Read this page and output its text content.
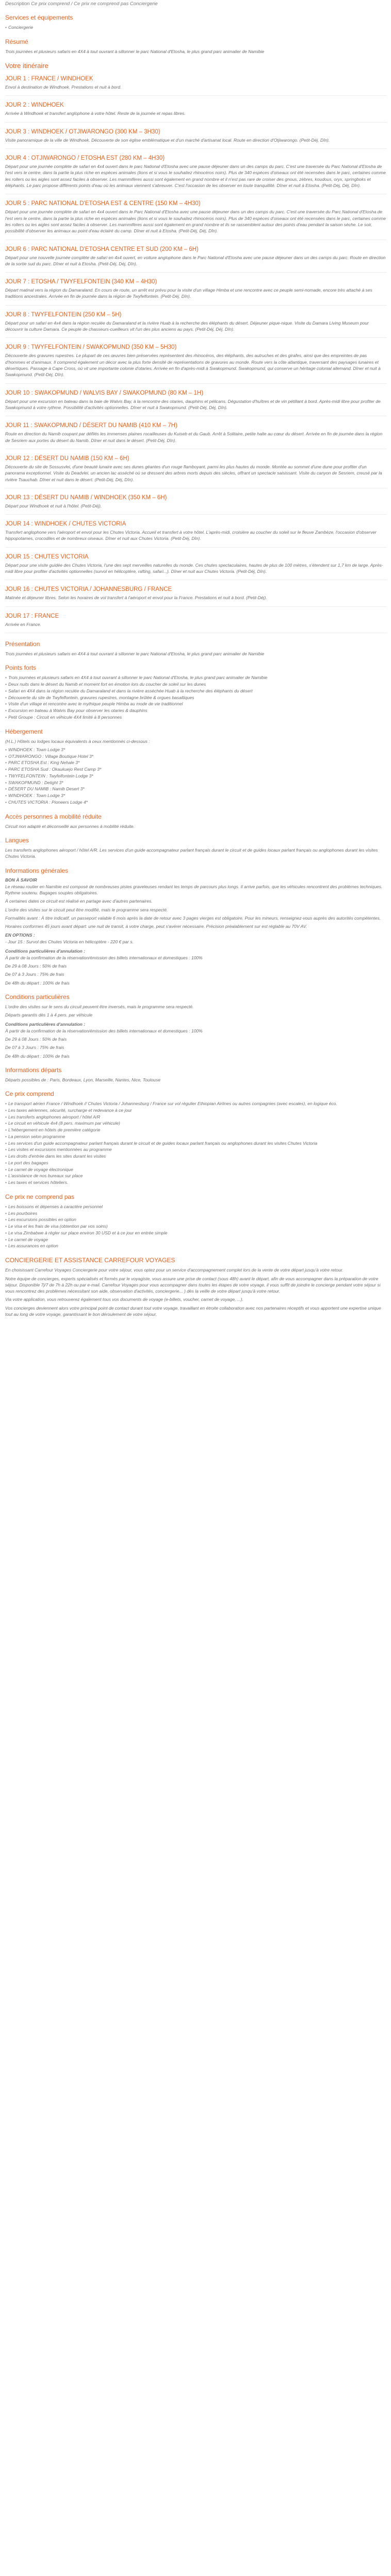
Description Ce prix comprend / Ce prix ne comprend pas Conciergerie

Services et équipements
• Conciergerie
Résumé

Trois journées et plusieurs safaris en 4X4 à tout ouvrant à sillonner le parc National d'Etosha, le plus grand parc animalier de Namibie

Votre itinéraire
JOUR 1 : FRANCE / WINDHOEK

Envol à destination de Windhoek. Prestations et nuit à bord.

JOUR 2 : WINDHOEK

Arrivée à Windhoek et transfert anglophone à votre hôtel. Reste de la journée et repas libres.

JOUR 3 : WINDHOEK / OTJIWARONGO (300 KM – 3H30)

Visite panoramique de la ville de Windhoek. Découverte de son église emblématique et d'un marché d'artisanat local. Route en direction d'Otjiwarongo. (Petit-Déj, Dîn).

JOUR 4 : OTJIWARONGO / ETOSHA EST (280 KM – 4H30)

Départ pour une journée complète de safari en 4x4 ouvert dans le parc National d'Etosha avec une pause déjeuner dans un des camps du parc. C'est une traversée du Parc National d'Etosha de l'est vers le centre, dans la partie la plus riche en espèces animales (lions et si vous le souhaitez rhinocéros noirs). Plus de 340 espèces d'oiseaux ont été recensées dans le parc, certaines comme les rollers ou les aigles sont assez faciles à observer. Les mammifères aussi sont également en grand nombre et il n'est pas rare de croiser des gnous, zèbres, koudous, oryx, springboks et éléphants. Le parc propose différents points d'eau où les animaux viennent s'abreuver. C'est l'occasion de les observer en toute tranquillité. Dîner et nuit à Etosha. (Petit-Déj, Déj, Dîn).

JOUR 5 : PARC NATIONAL D'ETOSHA EST & CENTRE (150 KM – 4H30)

Départ pour une journée complète de safari en 4x4 ouvert dans le Parc National d'Etosha avec une pause déjeuner dans un des camps du parc. C'est une traversée du Parc National d'Etosha de l'est vers le centre, dans la partie la plus riche en espèces animales (lions et si vous le souhaitez rhinocéros noirs). Plus de 340 espèces d'oiseaux ont été recensées dans le parc, certaines comme les rollers ou les aigles sont assez faciles à observer. Les mammifères aussi sont également en grand nombre et ils se rassemblent autour des points d'eau pendant la saison sèche. Le soir, possibilité d'observer les animaux au point d'eau éclairé du camp. Dîner et nuit à Etosha. (Petit-Déj, Déj, Dîn).

JOUR 6 : PARC NATIONAL D'ETOSHA CENTRE ET SUD (200 KM – 6H)

Départ pour une nouvelle journée complète de safari en 4x4 ouvert, en voiture anglophone dans le Parc National d'Etosha avec une pause déjeuner dans un des camps du parc. Route en direction de la sortie sud du parc. Dîner et nuit à Etosha. (Petit-Déj, Déj, Dîn).

JOUR 7 : ETOSHA / TWYFELFONTEIN (340 KM – 4H30)

Départ matinal vers la région du Damaraland. En cours de route, un arrêt est prévu pour la visite d'un village Himba et une rencontre avec ce peuple semi-nomade, encore très attaché à ses traditions ancestrales. Arrivée en fin de journée dans la région de Twyfelfontein. (Petit-Déj, Dîn).

JOUR 8 : TWYFELFONTEIN (250 KM – 5H)

Départ pour un safari en 4x4 dans la région reculée du Damaraland et la rivière Huab à la recherche des éléphants du désert. Déjeuner pique-nique. Visite du Damara Living Museum pour découvrir la culture Damara. Ce peuple de chasseurs-cueilleurs vit l'un des plus anciens au pays. (Petit-Déj, Déj, Dîn).

JOUR 9 : TWYFELFONTEIN / SWAKOPMUND (350 KM – 5H30)

Découverte des gravures rupestres. Le plupart de ces œuvres bien préservées représentent des rhinocéros, des éléphants, des autruches et des girafes, ainsi que des empreintes de pas d'hommes et d'animaux. Il comprend également un décor avec la plus forte densité de représentations de gravures au monde. Route vers la côte atlantique, traversant des paysages lunaires et désertiques. Passage à Cape Cross, où vit une importante colonie d'otaries. Arrivée en fin d'après-midi à Swakopmund. Swakopmund, qui conserve un héritage colonial allemand. Dîner et nuit à Swakopmund. (Petit-Déj, Dîn).

JOUR 10 : SWAKOPMUND / WALVIS BAY / SWAKOPMUND (80 KM – 1H)

Départ pour une excursion en bateau dans la baie de Walvis Bay, à la rencontre des otaries, dauphins et pélicans. Dégustation d'huîtres et de vin pétillant à bord. Après-midi libre pour profiter de Swakopmund à votre rythme. Possibilité d'activités optionnelles. Dîner et nuit à Swakopmund. (Petit-Déj, Déj, Dîn).

JOUR 11 : SWAKOPMUND / DÉSERT DU NAMIB (410 KM – 7H)

Route en direction du Namib coupant par défilés les immenses plaines rocailleuses du Kuiseb et du Gaub. Arrêt à Solitaire, petite halte au cœur du désert. Arrivée en fin de journée dans la région de Sesriem aux portes du désert du Namib. Dîner et nuit dans le désert. (Petit-Déj, Dîn).

JOUR 12 : DÉSERT DU NAMIB (150 KM – 6H)

Découverte du site de Sossusvlei, d'une beauté lunaire avec ses dunes géantes d'un rouge flamboyant, parmi les plus hautes du monde. Montée au sommet d'une dune pour profiter d'un panorama exceptionnel. Visite du Deadvlei, un ancien lac asséché où se dressent des arbres morts depuis des siècles, offrant un spectacle saisissant. Visite du canyon de Sesriem, creusé par la rivière Tsauchab. Dîner et nuit dans le désert. (Petit-Déj, Déj, Dîn).

JOUR 13 : DÉSERT DU NAMIB / WINDHOEK (350 KM – 6H)

Départ pour Windhoek et nuit à l'hôtel. (Petit-Déj).

JOUR 14 : WINDHOEK / CHUTES VICTORIA

Transfert anglophone vers l'aéroport et envol pour les Chutes Victoria. Accueil et transfert à votre hôtel. L'après-midi, croisière au coucher du soleil sur le fleuve Zambèze, l'occasion d'observer hippopotames, crocodiles et de nombreux oiseaux. Dîner et nuit aux Chutes Victoria. (Petit-Déj, Dîn).

JOUR 15 : CHUTES VICTORIA

Départ pour une visite guidée des Chutes Victoria, l'une des sept merveilles naturelles du monde. Ces chutes spectaculaires, hautes de plus de 100 mètres, s'étendent sur 1,7 km de large. Après-midi libre pour profiter d'activités optionnelles (survol en hélicoptère, rafting, safari...). Dîner et nuit aux Chutes Victoria. (Petit-Déj, Dîn).

JOUR 16 : CHUTES VICTORIA / JOHANNESBURG / FRANCE

Matinée et déjeuner libres. Selon les horaires de vol transfert à l'aéroport et envol pour la France. Prestations et nuit à bord. (Petit-Déj).

JOUR 17 : FRANCE

Arrivée en France.

Présentation

Trois journées et plusieurs safaris en 4X4 à tout ouvrant à sillonner le parc National d'Etosha, le plus grand parc animalier de Namibie

Points forts
• Trois journées et plusieurs safaris en 4X4 à tout ouvrant à sillonner le parc National d'Etosha, le plus grand parc animalier de Namibie
• Deux nuits dans le désert du Namib et moment fort en émotion lors du coucher de soleil sur les dunes
• Safari en 4X4 dans la région reculée du Damaraland et dans la rivière asséchée Huab à la recherche des éléphants du désert
• Découverte du site de Twyfelfontein, gravures rupestres, montagne brûlée & orgues basaltiques
• Visite d'un village et rencontre avec le mythique peuple Himba au mode de vie traditionnel
• Excursion en bateau à Walvis Bay pour observer les otaries & dauphins
• Petit Groupe : Circuit en véhicule 4X4 limité à 8 personnes
Hébergement

(H.L.) Hôtels ou lodges locaux équivalents à ceux mentionnés ci-dessous :

• WINDHOEK : Town Lodge 3*
• OTJIWARONGO : Village Boutique Hotel 3*
• PARC ETOSHA Est : King Nehale 3*
• PARC ETOSHA Sud : Okaukuejo Rest Camp 3*
• TWYFELFONTEIN : Twyfelfontein Lodge 3*
• SWAKOPMUND : Delight 3*
• DÉSERT DU NAMIB : Namib Desert 3*
• WINDHOEK : Town Lodge 3*
• CHUTES VICTORIA : Pioneers Lodge 4*
Accès personnes à mobilité réduite

Circuit non adapté et déconseillé aux personnes à mobilité réduite.

Langues

Les transferts anglophones aéroport / hôtel A/R. Les services d'un guide accompagnateur parlant français durant le circuit et de guides locaux parlant français ou anglophones durant les visites Chutes Victoria.

Informations générales

BON À SAVOIR

Le réseau routier en Namibie est composé de nombreuses pistes graveleuses rendant les temps de parcours plus longs. Il arrive parfois, que les véhicules rencontrent des problèmes techniques. Rythme soutenu. Bagages souples obligatoires.

À certaines dates ce circuit est réalisé en partage avec d'autres partenaires.

L'ordre des visites sur le circuit peut être modifié, mais le programme sera respecté.

Formalités avant : À titre indicatif, un passeport valable 6 mois après la date de retour avec 3 pages vierges est obligatoire. Pour les mineurs, renseignez-vous auprès des autorités compétentes.

Horaires conformes 45 jours avant départ: une nuit de transit, à votre charge, peut s'avérer nécessaire. Précision préalablement sur est réglable au 70V AV.

EN OPTIONS :

- Jour 15 : Survol des Chutes Victoria en hélicoptère - 220 € par s.

Conditions particulières d'annulation :

À partir de la confirmation de la réservation/émission des billets internationaux et domestiques : 100%

De 29 à 08 Jours : 50% de frais

De 07 à 3 Jours : 75% de frais

De 48h du départ : 100% de frais

Conditions particulières

L'ordre des visites sur le sens du circuit peuvent être inversés, mais le programme sera respecté.

Départs garantis dès 1 à 4 pers. par véhicule

Conditions particulières d'annulation :

À partir de la confirmation de la réservation/émission des billets internationaux et domestiques : 100%

De 29 à 08 Jours : 50% de frais

De 07 à 3 Jours : 75% de frais

De 48h du départ : 100% de frais

Informations départs

Départs possibles de : Paris, Bordeaux, Lyon, Marseille, Nantes, Nice, Toulouse

Ce prix comprend
• Le transport aérien France / Windhoek // Chutes Victoria / Johannesburg / France sur vol régulier Ethiopian Airlines ou autres compagnies (avec escales), en logique éco.
• Les taxes aériennes, sécurité, surcharge et redevance à ce jour
• Les transferts anglophones aéroport / hôtel A/R
• Le circuit en véhicule 4x4 (8 pers. maximum par véhicule)
• L'hébergement en hôtels de première catégorie
• La pension selon programme
• Les services d'un guide accompagnateur parlant français durant le circuit et de guides locaux parlant français ou anglophones durant les visites Chutes Victoria
• Les visites et excursions mentionnées au programme
• Les droits d'entrée dans les sites durant les visites
• Le port des bagages
• Le carnet de voyage électronique
• L'assistance de nos bureaux sur place
• Les taxes et services hôteliers.
Ce prix ne comprend pas
• Les boissons et dépenses à caractère personnel
• Les pourboires
• Les excursions possibles en option
• Le visa et les frais de visa (obtention par vos soins)
• Le visa Zimbabwe à régler sur place environ 30 USD et à ce jour en entrée simple
• Le carnet de voyage
• Les assurances en option
CONCIERGERIE ET ASSISTANCE CARREFOUR VOYAGES

En choisissant Carrefour Voyages Conciergerie pour votre séjour, vous optez pour un service d'accompagnement complet lors de la vente de votre départ jusqu'à votre retour.

Notre équipe de concierges, experts spécialisés et formés par le voyagiste, vous assure une prise de contact (sous 48h) avant le départ, afin de vous accompagner dans la préparation de votre séjour. Disponible 7j/7 de 7h à 22h ou par e-mail. Carrefour Voyages pour vous accompagner dans toutes les étapes de votre voyage, il vous suffit de joindre le concierge pendant votre séjour si vous rencontrez des problèmes nécessitant son aide, observation d'activités, conciergerie... ) dès la veille de votre départ jusqu'à votre retour.

Via votre application, vous retrouverez également tous vos documents de voyage (e-billets, voucher, carnet de voyage, ...).

Vos concierges deviennent alors votre principal point de contact durant tout votre voyage, travaillant en étroite collaboration avec nos partenaires réceptifs et vous apportent une expertise unique tout au long de votre voyage, garantissant le bon déroulement de votre séjour.
